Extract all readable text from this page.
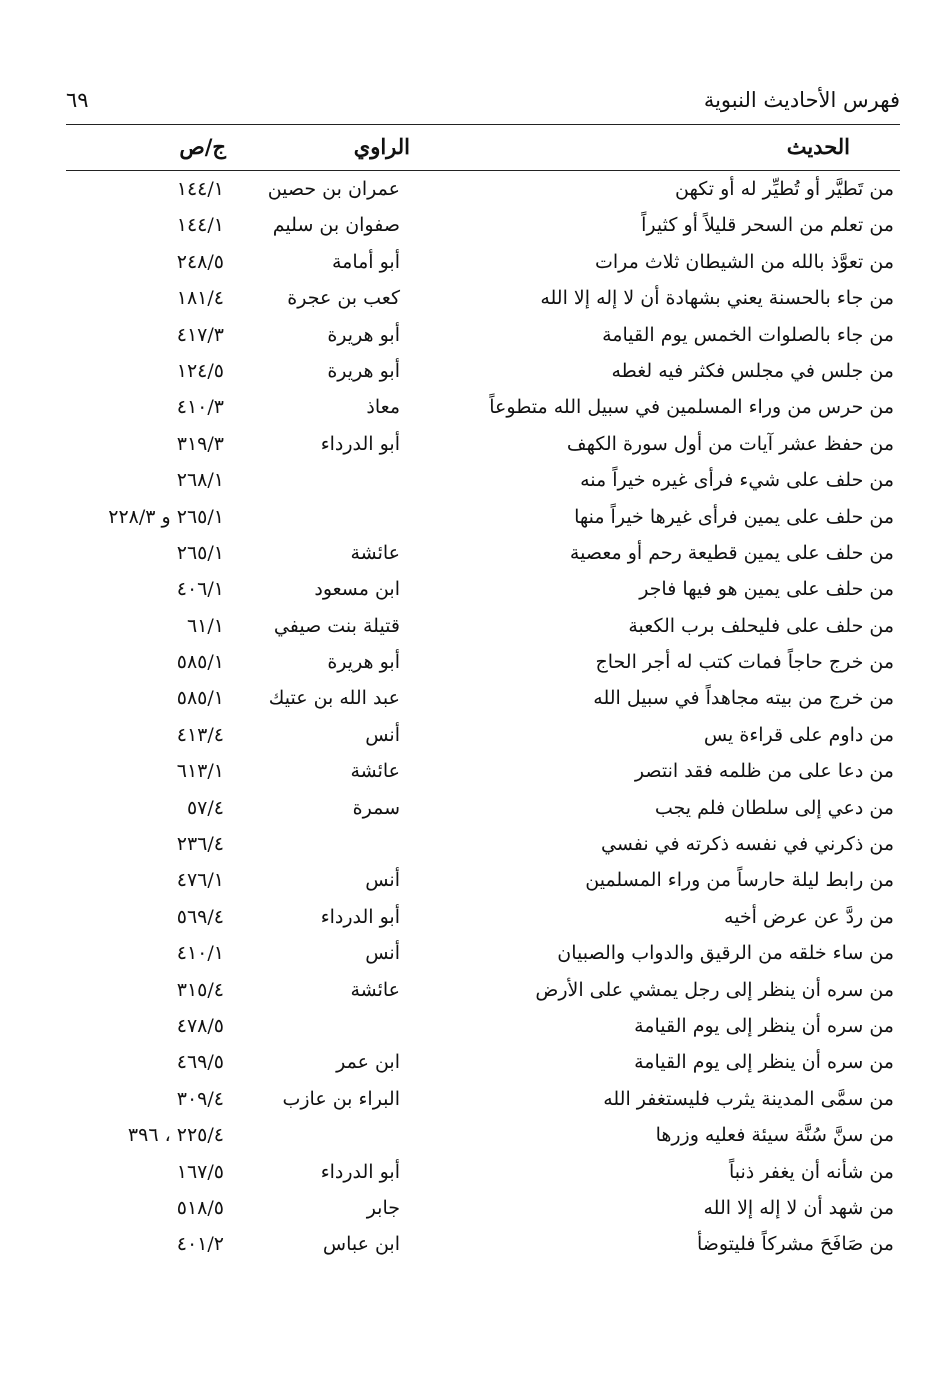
فهرس الأحاديث النبوية
٦٩
الحديث
الراوي
ج/ص
من تَطيَّر أو تُطيِّر له أو تكهن
عمران بن حصين
١٤٤/١
من تعلم من السحر قليلاً أو كثيراً
صفوان بن سليم
١٤٤/١
من تعوَّذ بالله من الشيطان ثلاث مرات
أبو أمامة
٢٤٨/٥
من جاء بالحسنة يعني بشهادة أن لا إله إلا الله
كعب بن عجرة
١٨١/٤
من جاء بالصلوات الخمس يوم القيامة
أبو هريرة
٤١٧/٣
من جلس في مجلس فكثر فيه لغطه
أبو هريرة
١٢٤/٥
من حرس من وراء المسلمين في سبيل الله متطوعاً
معاذ
٤١٠/٣
من حفظ عشر آيات من أول سورة الكهف
أبو الدرداء
٣١٩/٣
من حلف على شيء فرأى غيره خيراً منه
٢٦٨/١
من حلف على يمين فرأى غيرها خيراً منها
٢٦٥/١ و ٢٢٨/٣
من حلف على يمين قطيعة رحم أو معصية
عائشة
٢٦٥/١
من حلف على يمين هو فيها فاجر
ابن مسعود
٤٠٦/١
من حلف على فليحلف برب الكعبة
قتيلة بنت صيفي
٦١/١
من خرج حاجاً فمات كتب له أجر الحاج
أبو هريرة
٥٨٥/١
من خرج من بيته مجاهداً في سبيل الله
عبد الله بن عتيك
٥٨٥/١
من داوم على قراءة يس
أنس
٤١٣/٤
من دعا على من ظلمه فقد انتصر
عائشة
٦١٣/١
من دعي إلى سلطان فلم يجب
سمرة
٥٧/٤
من ذكرني في نفسه ذكرته في نفسي
٢٣٦/٤
من رابط ليلة حارساً من وراء المسلمين
أنس
٤٧٦/١
من ردَّ عن عرض أخيه
أبو الدرداء
٥٦٩/٤
من ساء خلقه من الرقيق والدواب والصبيان
أنس
٤١٠/١
من سره أن ينظر إلى رجل يمشي على الأرض
عائشة
٣١٥/٤
من سره أن ينظر إلى يوم القيامة
٤٧٨/٥
من سره أن ينظر إلى يوم القيامة
ابن عمر
٤٦٩/٥
من سمَّى المدينة يثرب فليستغفر الله
البراء بن عازب
٣٠٩/٤
من سنَّ سُنَّة سيئة فعليه وزرها
٢٢٥/٤ ، ٣٩٦
من شأنه أن يغفر ذنباً
أبو الدرداء
١٦٧/٥
من شهد أن لا إله إلا الله
جابر
٥١٨/٥
من صَافَحَ مشركاً فليتوضأ
ابن عباس
٤٠١/٢
